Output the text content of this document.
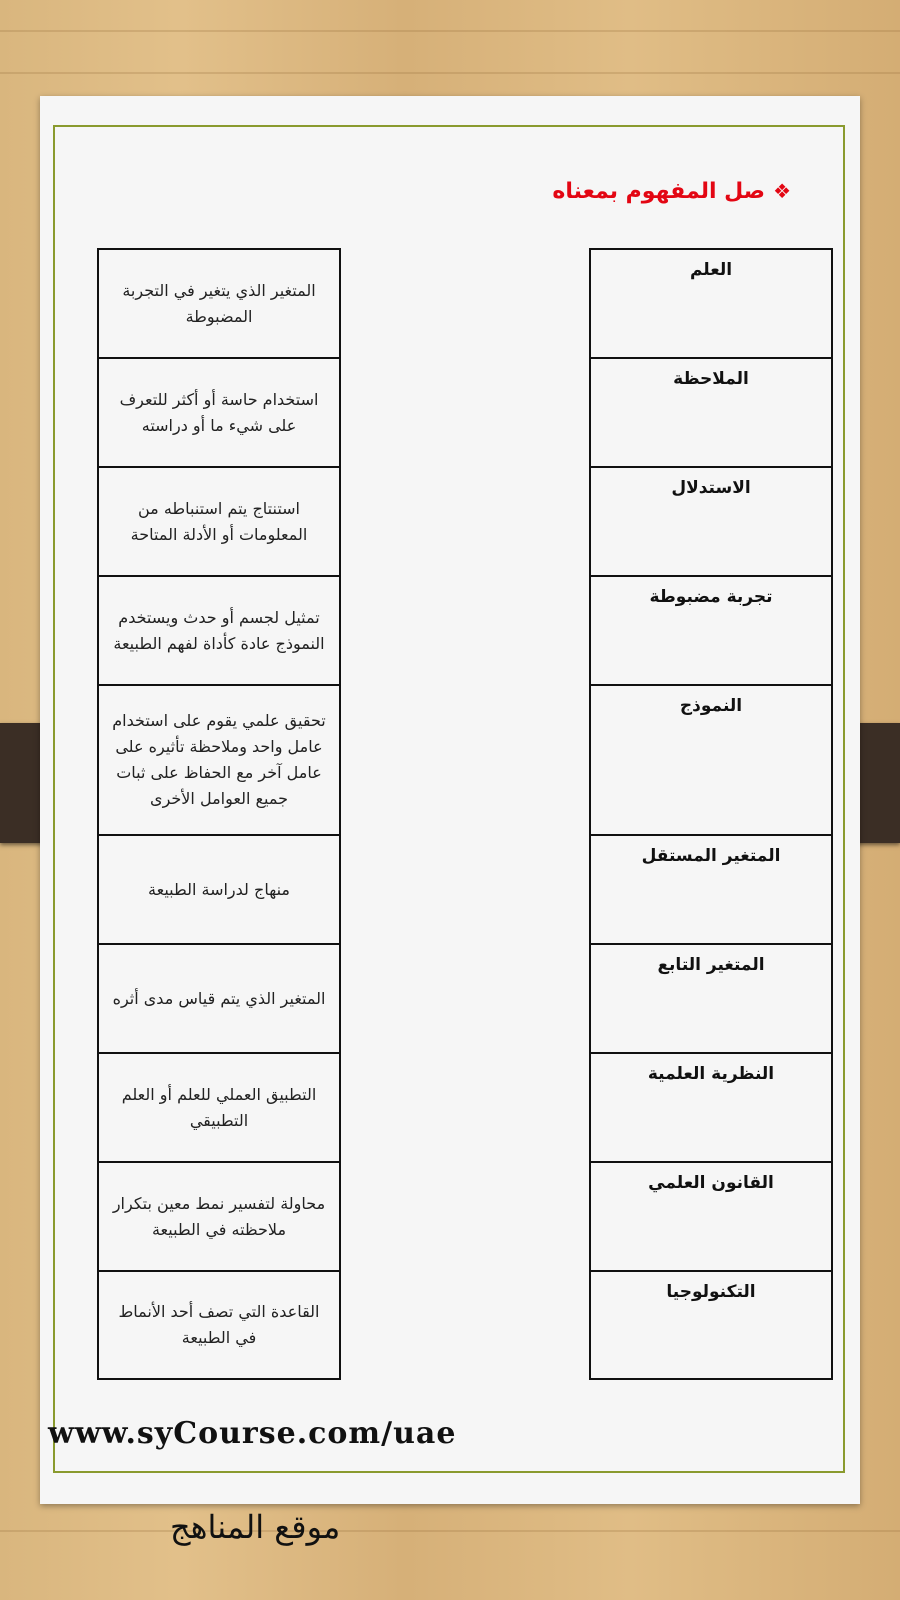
❖صل المفهوم بمعناه
المتغير الذي يتغير في التجربة المضبوطة
استخدام حاسة أو أكثر للتعرف على شيء ما أو دراسته
استنتاج يتم استنباطه من المعلومات أو الأدلة المتاحة
تمثيل لجسم أو حدث ويستخدم النموذج عادة كأداة لفهم الطبيعة
تحقيق علمي يقوم على استخدام عامل واحد وملاحظة تأثيره على عامل آخر مع الحفاظ على ثبات جميع العوامل الأخرى
منهاج لدراسة الطبيعة
المتغير الذي يتم قياس مدى أثره
التطبيق العملي للعلم أو العلم التطبيقي
محاولة لتفسير نمط معين بتكرار ملاحظته في الطبيعة
القاعدة التي تصف أحد الأنماط في الطبيعة
العلم
الملاحظة
الاستدلال
تجربة مضبوطة
النموذج
المتغير المستقل
المتغير التابع
النظرية العلمية
القانون العلمي
التكنولوجيا
www.syCourse.com/uae
موقع المناهج
